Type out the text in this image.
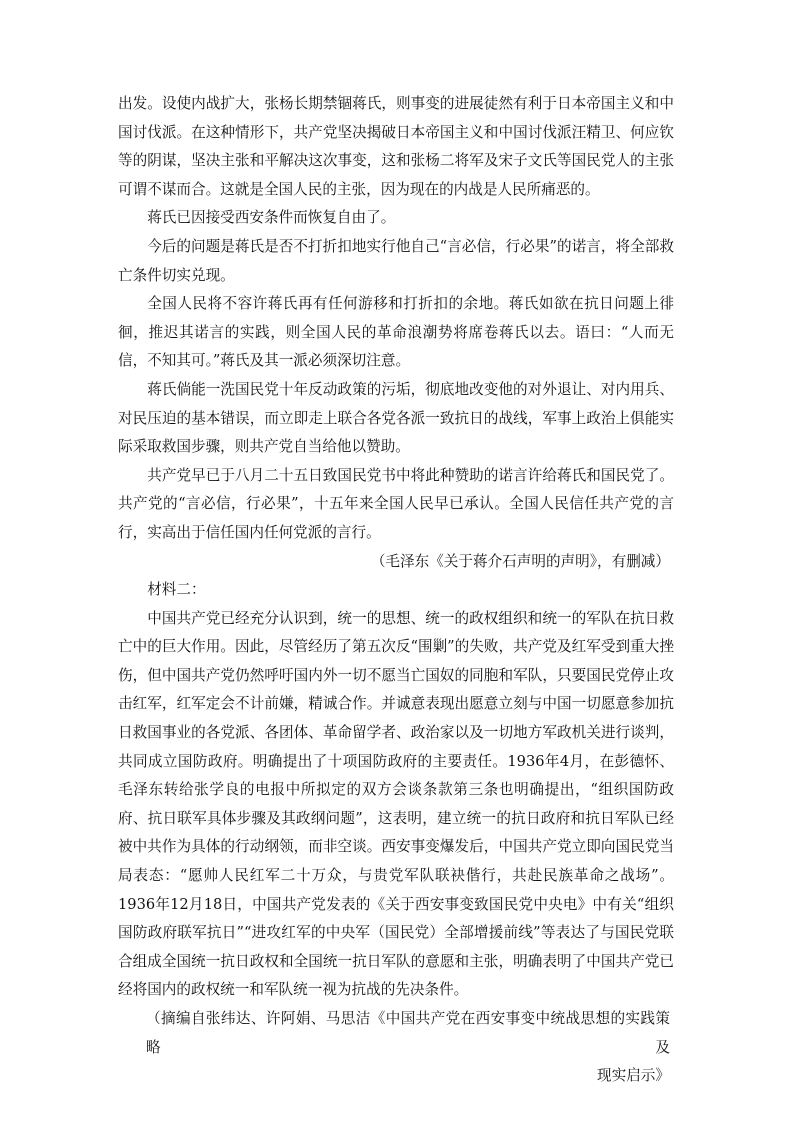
出发。设使内战扩大，张杨长期禁锢蒋氏，则事变的进展徒然有利于日本帝国主义和中国讨伐派。在这种情形下，共产党坚决揭破日本帝国主义和中国讨伐派汪精卫、何应钦等的阴谋，坚决主张和平解决这次事变，这和张杨二将军及宋子文氏等国民党人的主张可谓不谋而合。这就是全国人民的主张，因为现在的内战是人民所痛恶的。

蒋氏已因接受西安条件而恢复自由了。

今后的问题是蒋氏是否不打折扣地实行他自己“言必信，行必果”的诺言，将全部救亡条件切实兑现。

全国人民将不容许蒋氏再有任何游移和打折扣的余地。蒋氏如欲在抗日问题上徘徊，推迟其诺言的实践，则全国人民的革命浪潮势将席卷蒋氏以去。语曰：“人而无信，不知其可。”蒋氏及其一派必须深切注意。

蒋氏倘能一洗国民党十年反动政策的污垢，彻底地改变他的对外退让、对内用兵、对民压迫的基本错误，而立即走上联合各党各派一致抗日的战线，军事上政治上俱能实际采取救国步骤，则共产党自当给他以赞助。

共产党早已于八月二十五日致国民党书中将此种赞助的诺言许给蒋氏和国民党了。共产党的“言必信，行必果”，十五年来全国人民早已承认。全国人民信任共产党的言行，实高出于信任国内任何党派的言行。

（毛泽东《关于蒋介石声明的声明》，有删减）

材料二：

中国共产党已经充分认识到，统一的思想、统一的政权组织和统一的军队在抗日救亡中的巨大作用。因此，尽管经历了第五次反“围剿”的失败，共产党及红军受到重大挫伤，但中国共产党仍然呼吁国内外一切不愿当亡国奴的同胞和军队，只要国民党停止攻击红军，红军定会不计前嫌，精诚合作。并诚意表现出愿意立刻与中国一切愿意参加抗日救国事业的各党派、各团体、革命留学者、政治家以及一切地方军政机关进行谈判，共同成立国防政府。明确提出了十项国防政府的主要责任。1936年4月，在彭德怀、毛泽东转给张学良的电报中所拟定的双方会谈条款第三条也明确提出，“组织国防政府、抗日联军具体步骤及其政纲问题”，这表明，建立统一的抗日政府和抗日军队已经被中共作为具体的行动纲领，而非空谈。西安事变爆发后，中国共产党立即向国民党当局表态：“愿帅人民红军二十万众，与贵党军队联袂偕行，共赴民族革命之战场”。1936年12月18日，中国共产党发表的《关于西安事变致国民党中央电》中有关“组织国防政府联军抗日”“进攻红军的中央军（国民党）全部增援前线”等表达了与国民党联合组成全国统一抗日政权和全国统一抗日军队的意愿和主张，明确表明了中国共产党已经将国内的政权统一和军队统一视为抗战的先决条件。

（摘编自张纬达、许阿娟、马思洁《中国共产党在西安事变中统战思想的实践策略及
现实启示》
